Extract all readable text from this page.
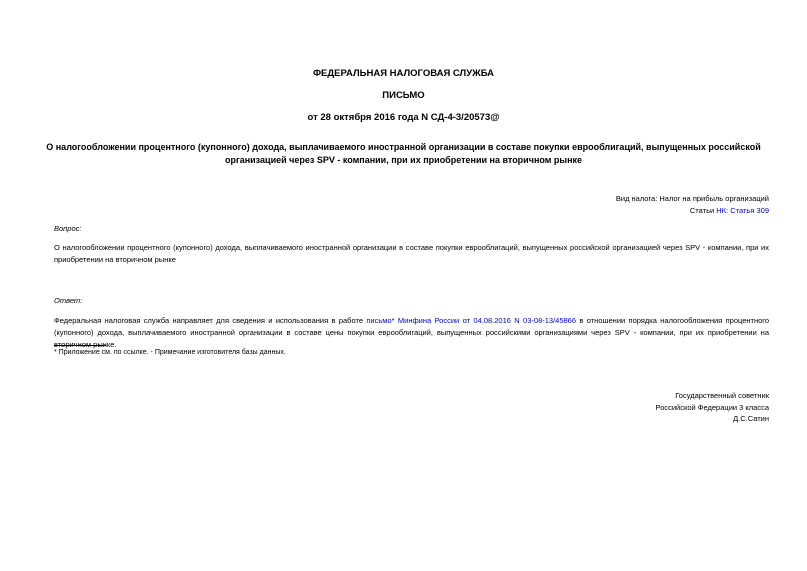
ФЕДЕРАЛЬНАЯ НАЛОГОВАЯ СЛУЖБА
ПИСЬМО
от 28 октября 2016 года N СД-4-3/20573@
О налогообложении процентного (купонного) дохода, выплачиваемого иностранной организации в составе покупки еврооблигаций, выпущенных российской
организацией через SPV - компании, при их приобретении на вторичном рынке
Вид налога: Налог на прибыль организаций
Статьи НК: Статья 309
Вопрос:
О налогообложении процентного (купонного) дохода, выплачиваемого иностранной организации в составе покупки еврооблигаций, выпущенных российской организацией через SPV - компании, при их приобретении на вторичном рынке
Ответ:
Федеральная налоговая служба направляет для сведения и использования в работе письмо* Минфина России от 04.08.2016 N 03-08-13/45866 в отношении порядка налогообложения процентного (купонного) дохода, выплачиваемого иностранной организации в составе цены покупки еврооблигаций, выпущенных российскими организациями через SPV - компании, при их приобретении на вторичном рынке.
* Приложение см. по ссылке. - Примечание изготовителя базы данных.
Государственный советник
Российской Федерации 3 класса
Д.С.Сатин
